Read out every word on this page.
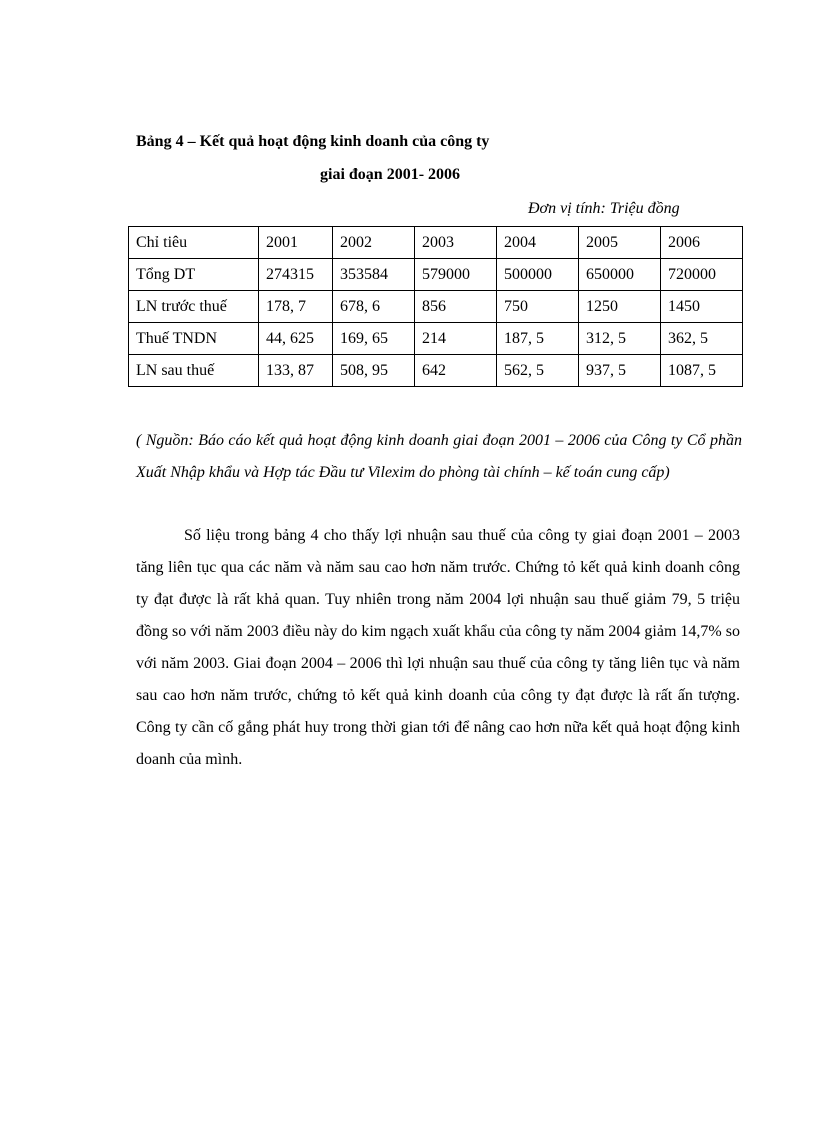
Bảng 4 – Kết quả hoạt động kinh doanh của công ty
giai đoạn 2001- 2006
Đơn vị tính: Triệu đồng
Chỉ tiêu	2001	2002	2003	2004	2005	2006
Tổng DT	274315	353584	579000	500000	650000	720000
LN trước thuế	178, 7	678, 6	856	750	1250	1450
Thuế TNDN	44, 625	169, 65	214	187, 5	312, 5	362, 5
LN sau thuế	133, 87	508, 95	642	562, 5	937, 5	1087, 5
( Nguồn: Báo cáo kết quả hoạt động kinh doanh giai đoạn 2001 – 2006 của Công ty Cổ phần Xuất Nhập khẩu và Hợp tác Đầu tư Vilexim do phòng tài chính – kế toán cung cấp)
Số liệu trong bảng 4 cho thấy lợi nhuận sau thuế của công ty giai đoạn 2001 – 2003 tăng liên tục qua các năm và năm sau cao hơn năm trước. Chứng tỏ kết quả kinh doanh công ty đạt được là rất khả quan. Tuy nhiên trong năm 2004 lợi nhuận sau thuế giảm 79, 5 triệu đồng so với năm 2003 điều này do kim ngạch xuất khẩu của công ty năm 2004 giảm 14,7% so với năm 2003. Giai đoạn 2004 – 2006 thì lợi nhuận sau thuế của công ty tăng liên tục và năm sau cao hơn năm trước, chứng tỏ kết quả kinh doanh của công ty đạt được là rất ấn tượng. Công ty cần cố gắng phát huy trong thời gian tới để nâng cao hơn nữa kết quả hoạt động kinh doanh của mình.
